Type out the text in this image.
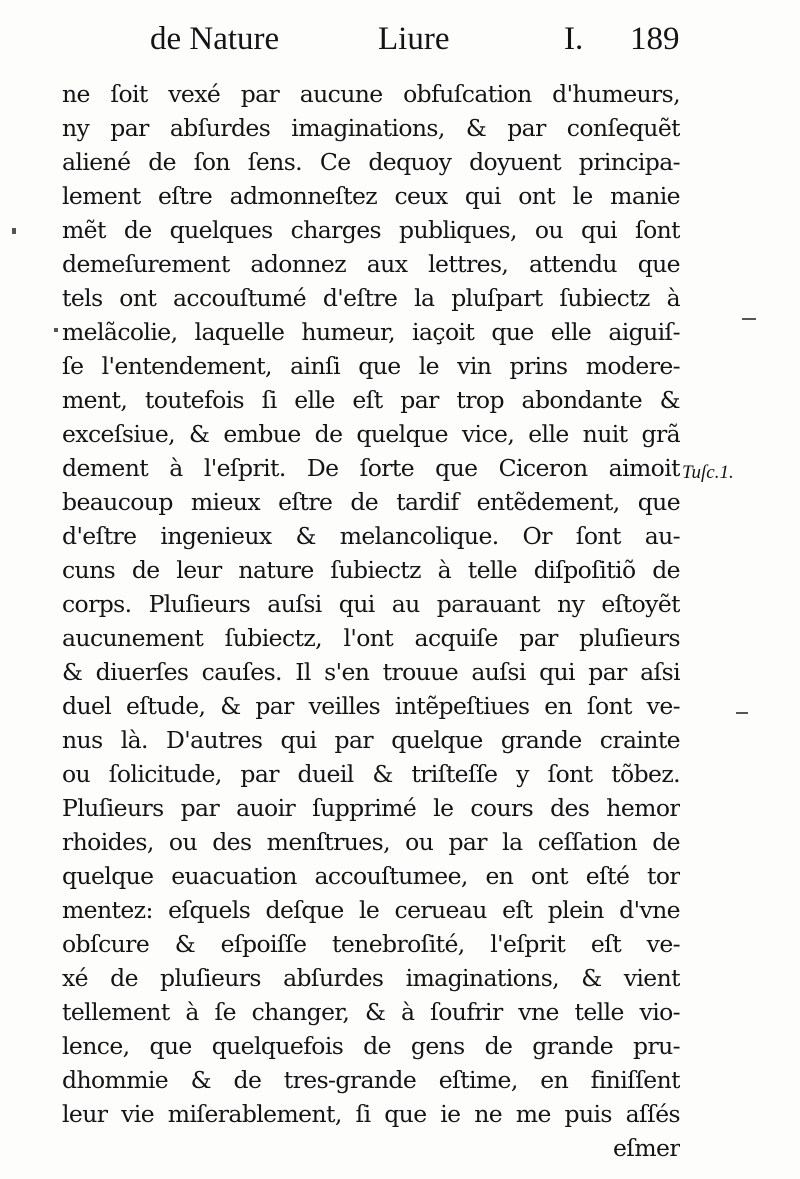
de Nature	Liure	I. 189
ne ſoit vexé par aucune obfuſcation d'humeurs,
ny par abſurdes imaginations, & par conſequẽt
aliené de ſon ſens. Ce dequoy doyuent principa-
lement eſtre admonneſtez ceux qui ont le manie
mẽt de quelques charges publiques, ou qui ſont
demeſurement adonnez aux lettres, attendu que
tels ont accouſtumé d'eſtre la pluſpart ſubiectz à
melãcolie, laquelle humeur, iaçoit que elle aiguiſ-
ſe l'entendement, ainſi que le vin prins modere-
ment, toutefois ſi elle eſt par trop abondante &
exceſsiue, & embue de quelque vice, elle nuit grã
dement à l'eſprit. De ſorte que Ciceron aimoit
beaucoup mieux eſtre de tardif entẽdement, que
d'eſtre ingenieux & melancolique. Or ſont au-
cuns de leur nature ſubiectz à telle diſpoſitiõ de
corps. Pluſieurs auſsi qui au parauant ny eſtoyẽt
aucunement ſubiectz, l'ont acquiſe par pluſieurs
& diuerſes cauſes. Il s'en trouue auſsi qui par aſsi
duel eſtude, & par veilles intẽpeſtiues en ſont ve-
nus là. D'autres qui par quelque grande crainte
ou ſolicitude, par dueil & triſteſſe y ſont tõbez.
Pluſieurs par auoir ſupprimé le cours des hemor
rhoides, ou des menſtrues, ou par la ceſſation de
quelque euacuation accouſtumee, en ont eſté tor
mentez: eſquels deſque le cerueau eſt plein d'vne
obſcure & eſpoiſſe tenebroſité, l'eſprit eſt ve-
xé de pluſieurs abſurdes imaginations, & vient
tellement à ſe changer, & à ſoufrir vne telle vio-
lence, que quelquefois de gens de grande pru-
dhommie & de tres-grande eſtime, en finiſſent
leur vie miſerablement, ſi que ie ne me puis aſſés
eſmer
Tuſc.1.
